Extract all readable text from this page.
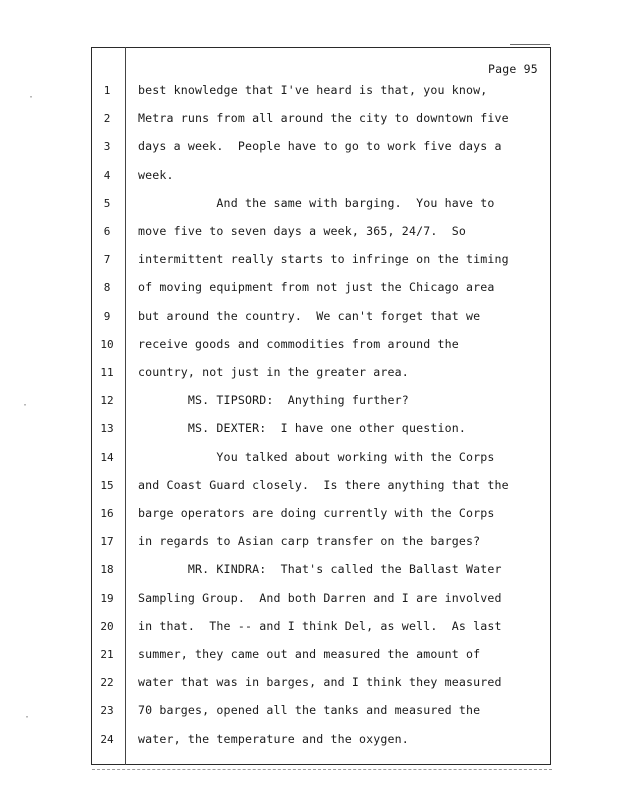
Page 95
1	best knowledge that I've heard is that, you know,
2	Metra runs from all around the city to downtown five
3	days a week.  People have to go to work five days a
4	week.
5	And the same with barging.  You have to
6	move five to seven days a week, 365, 24/7.  So
7	intermittent really starts to infringe on the timing
8	of moving equipment from not just the Chicago area
9	but around the country.  We can't forget that we
10	receive goods and commodities from around the
11	country, not just in the greater area.
12	MS. TIPSORD:  Anything further?
13	MS. DEXTER:  I have one other question.
14	You talked about working with the Corps
15	and Coast Guard closely.  Is there anything that the
16	barge operators are doing currently with the Corps
17	in regards to Asian carp transfer on the barges?
18	MR. KINDRA:  That's called the Ballast Water
19	Sampling Group.  And both Darren and I are involved
20	in that.  The -- and I think Del, as well.  As last
21	summer, they came out and measured the amount of
22	water that was in barges, and I think they measured
23	70 barges, opened all the tanks and measured the
24	water, the temperature and the oxygen.
·
·
·
